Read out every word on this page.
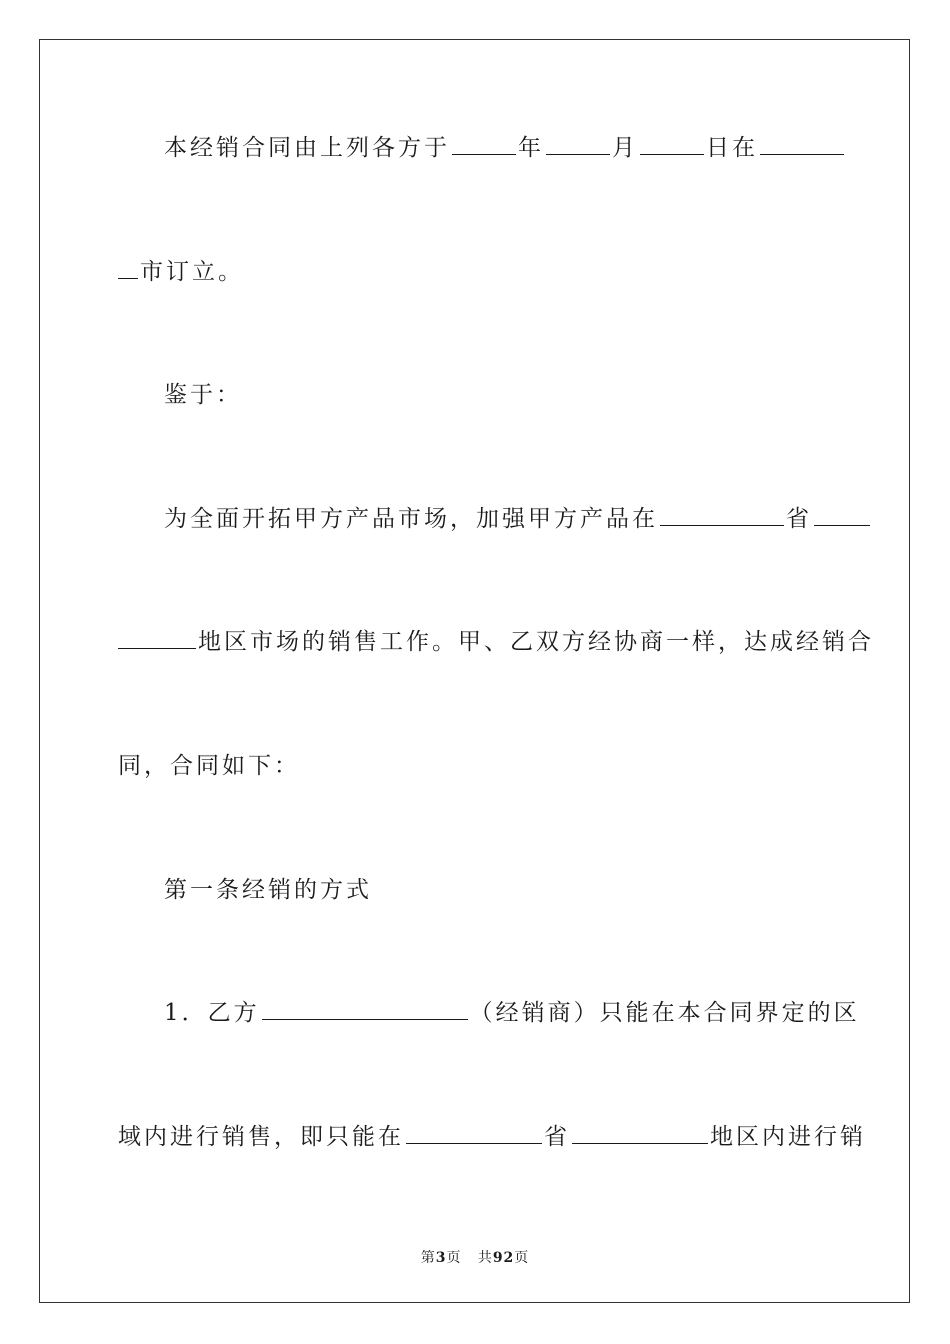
本经销合同由上列各方于	年	月	日在
市订立。
鉴于：
为全面开拓甲方产品市场，加强甲方产品在	省
地区市场的销售工作。甲、乙双方经协商一样，达成经销合
同，合同如下：
第一条经销的方式
1．乙方	（经销商）只能在本合同界定的区
域内进行销售，即只能在	省	地区内进行销
第3页 共92页
